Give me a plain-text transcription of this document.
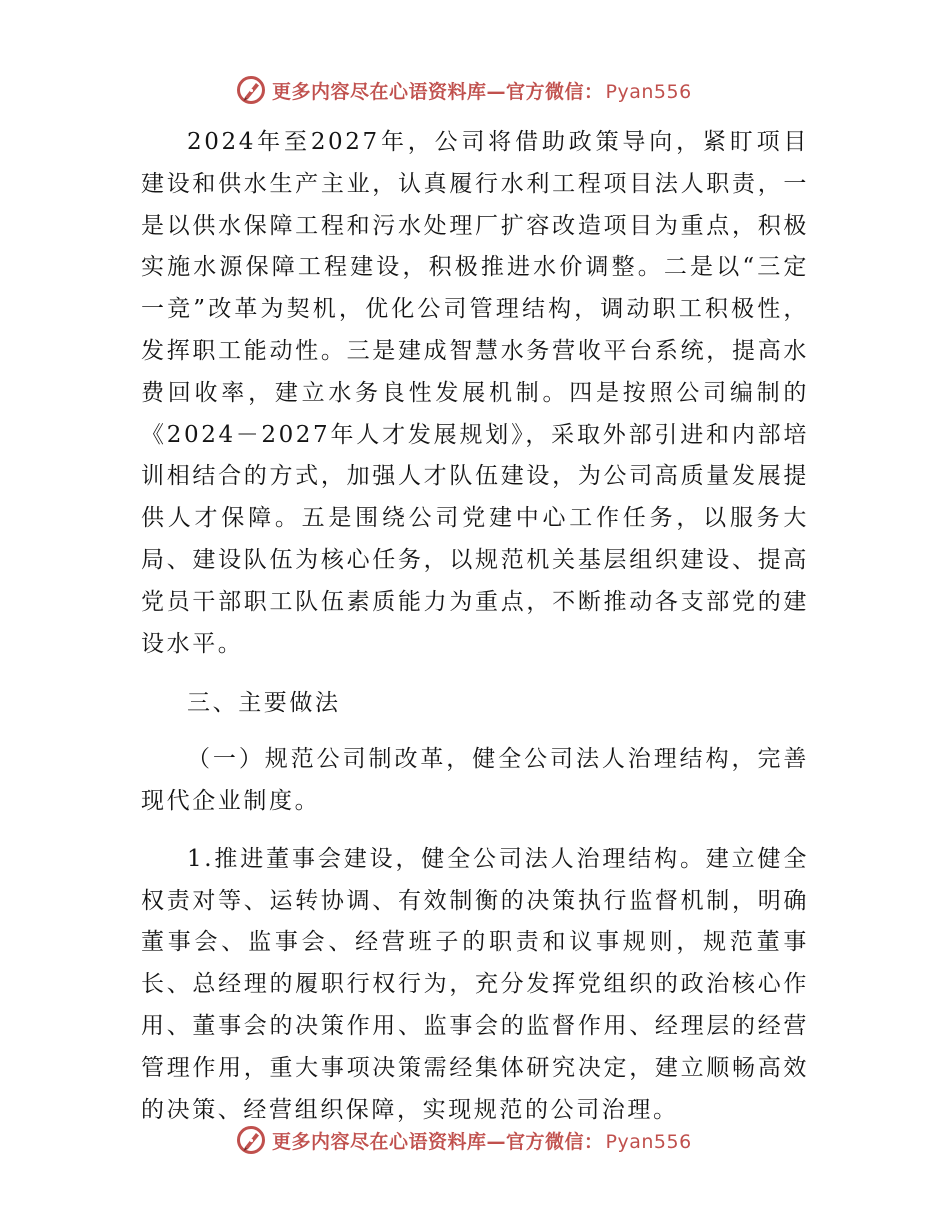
更多内容尽在心语资料库—官方微信： Pyan556

2024年至2027年，公司将借助政策导向，紧盯项目建设和供水生产主业，认真履行水利工程项目法人职责，一是以供水保障工程和污水处理厂扩容改造项目为重点，积极实施水源保障工程建设，积极推进水价调整。二是以“三定一竞”改革为契机，优化公司管理结构，调动职工积极性，发挥职工能动性。三是建成智慧水务营收平台系统，提高水费回收率，建立水务良性发展机制。四是按照公司编制的《2024－2027年人才发展规划》，采取外部引进和内部培训相结合的方式，加强人才队伍建设，为公司高质量发展提供人才保障。五是围绕公司党建中心工作任务，以服务大局、建设队伍为核心任务，以规范机关基层组织建设、提高党员干部职工队伍素质能力为重点，不断推动各支部党的建设水平。

三、主要做法

（一）规范公司制改革，健全公司法人治理结构，完善现代企业制度。

1.推进董事会建设，健全公司法人治理结构。建立健全权责对等、运转协调、有效制衡的决策执行监督机制，明确董事会、监事会、经营班子的职责和议事规则，规范董事长、总经理的履职行权行为，充分发挥党组织的政治核心作用、董事会的决策作用、监事会的监督作用、经理层的经营管理作用，重大事项决策需经集体研究决定，建立顺畅高效的决策、经营组织保障，实现规范的公司治理。

更多内容尽在心语资料库—官方微信： Pyan556
